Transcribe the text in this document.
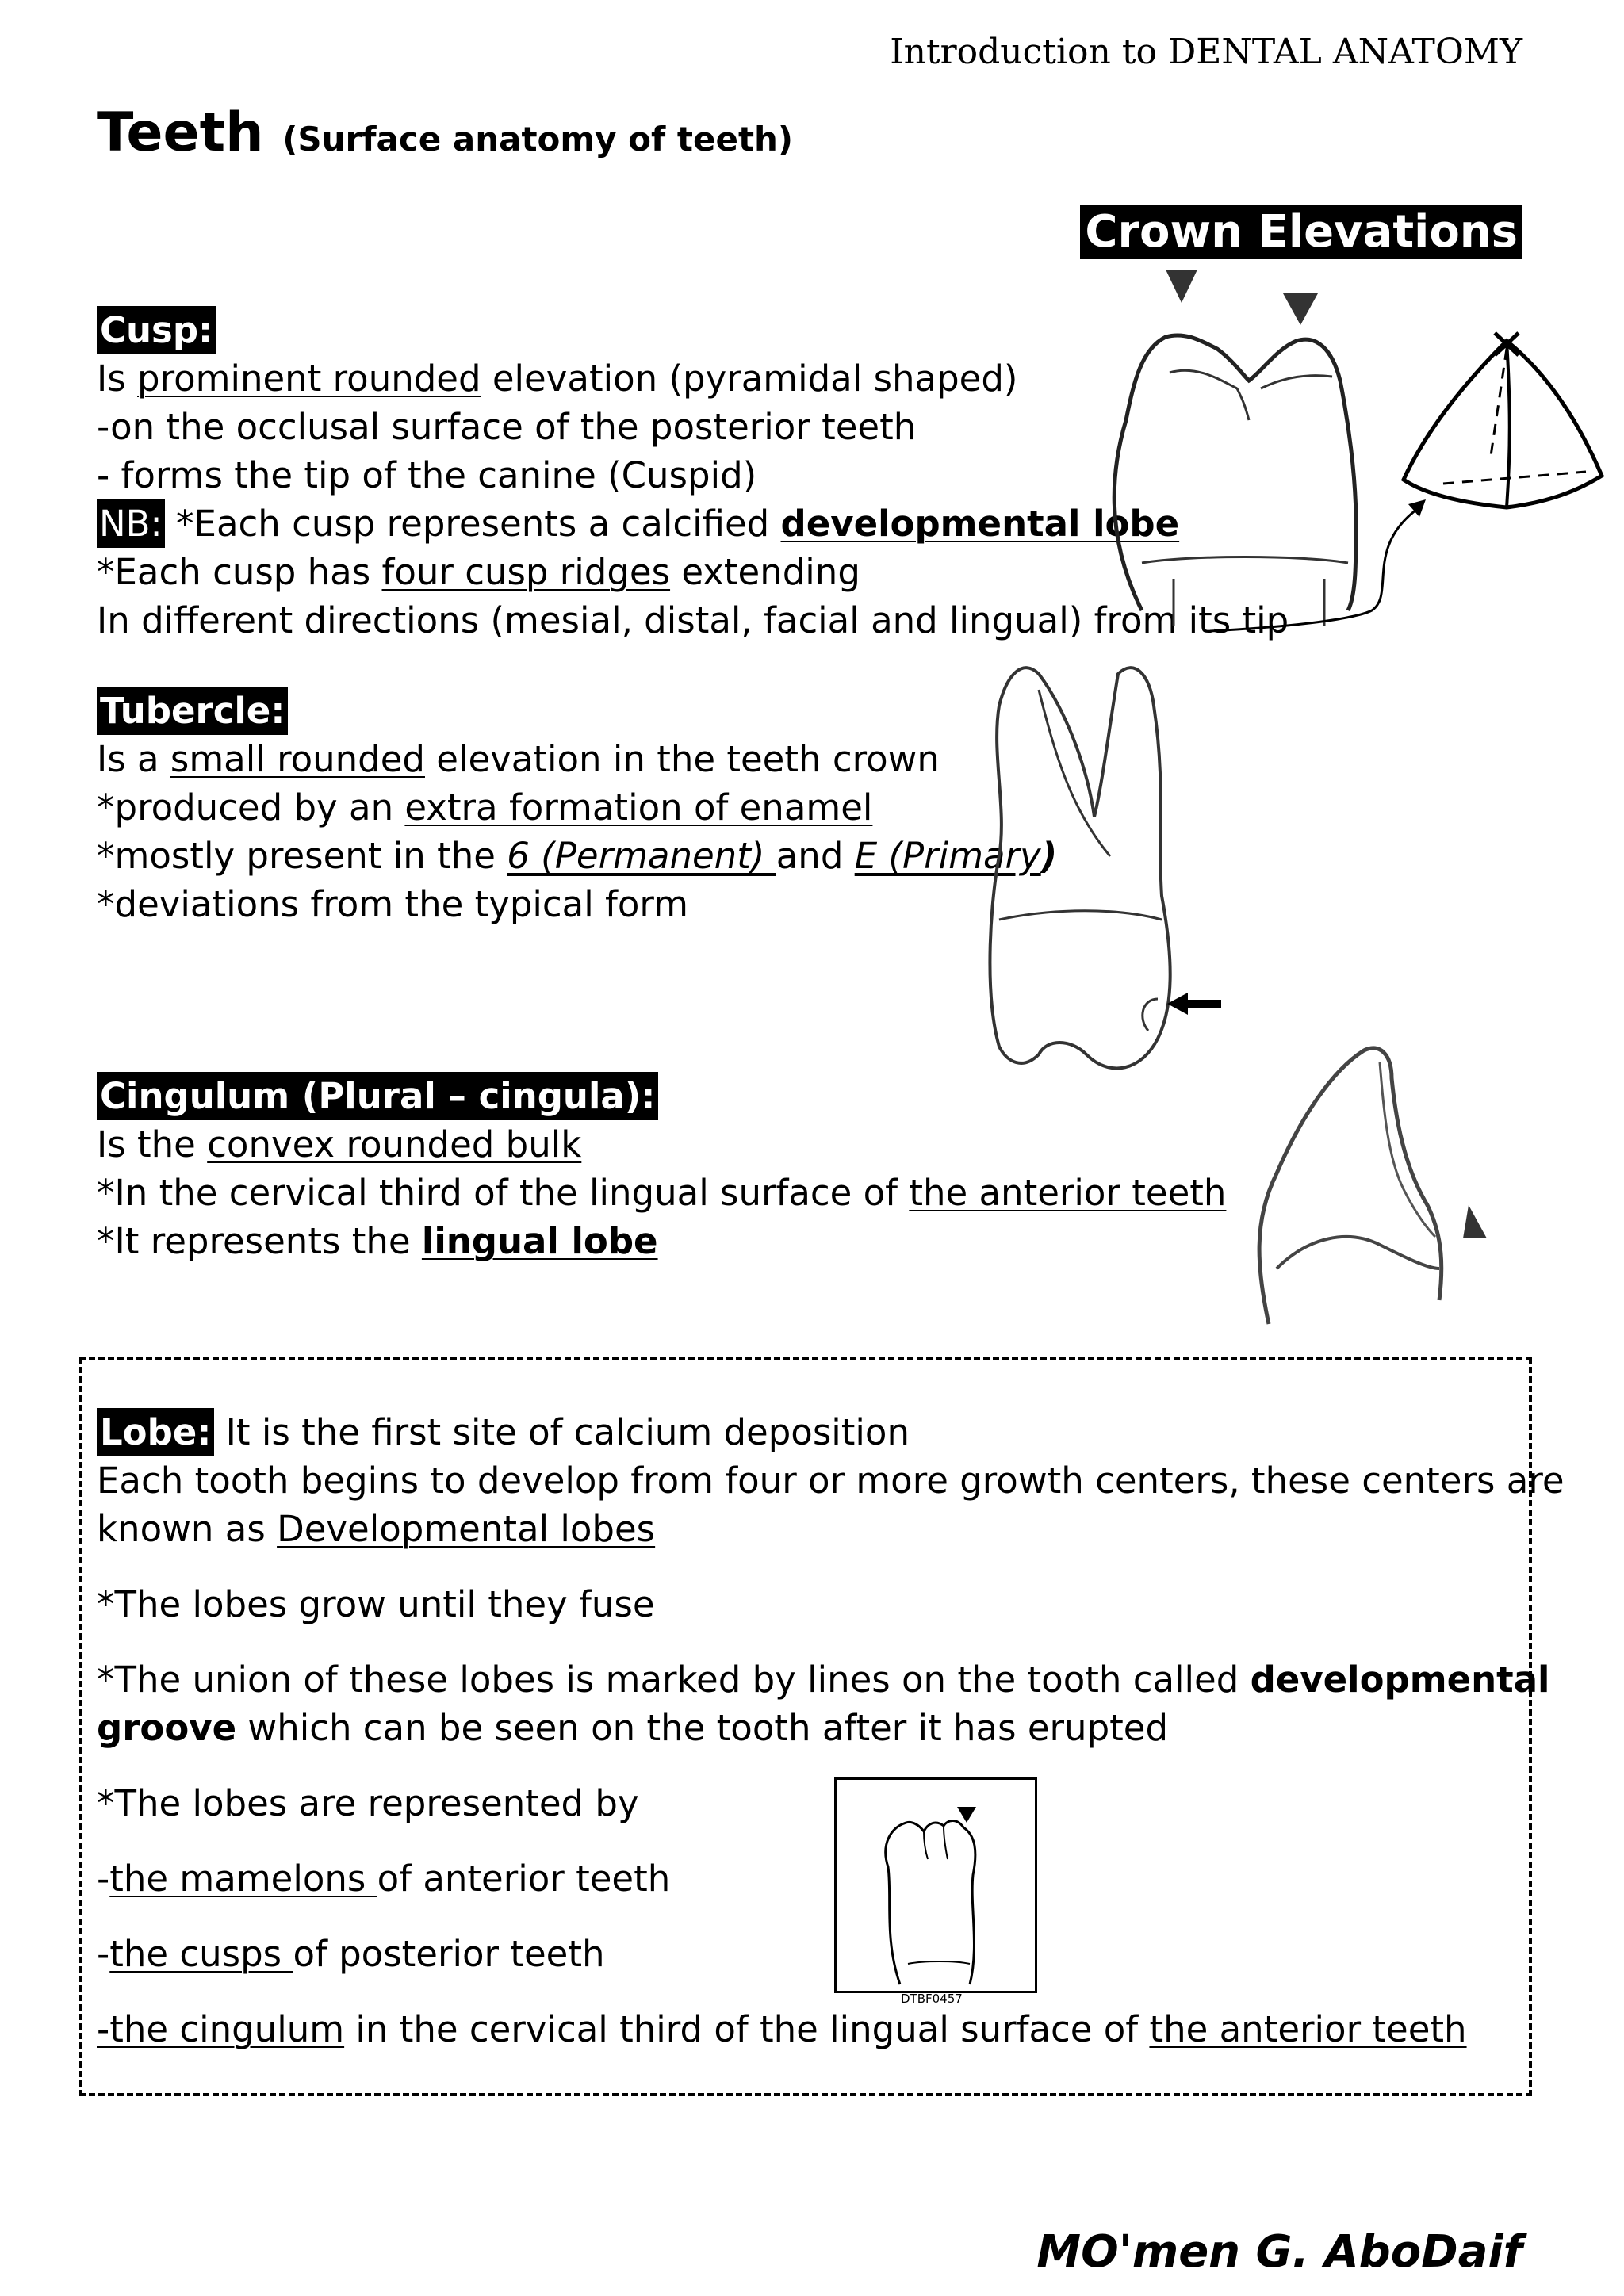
Introduction to DENTAL ANATOMY
Teeth (Surface anatomy of teeth)
Crown Elevations
Cusp:
Is prominent rounded elevation (pyramidal shaped)
-on the occlusal surface of the posterior teeth
- forms the tip of the canine (Cuspid)
NB: *Each cusp represents a calcified developmental lobe
*Each cusp has four cusp ridges extending
In different directions (mesial, distal, facial and lingual) from its tip
Tubercle:
Is a small rounded elevation in the teeth crown
*produced by an extra formation of enamel
*mostly present in the 6 (Permanent) and E (Primary)
*deviations from the typical form
Cingulum (Plural – cingula):
Is the convex rounded bulk
*In the cervical third of the lingual surface of the anterior teeth
*It represents the lingual lobe
Lobe: It is the first site of calcium deposition
Each tooth begins to develop from four or more growth centers, these centers are
known as Developmental lobes
*The lobes grow until they fuse
*The union of these lobes is marked by lines on the tooth called developmental
groove which can be seen on the tooth after it has erupted
*The lobes are represented by
-the mamelons of anterior teeth
-the cusps of posterior teeth
-the cingulum in the cervical third of the lingual surface of the anterior teeth
DTBF0457
MO'men G. AboDaif
